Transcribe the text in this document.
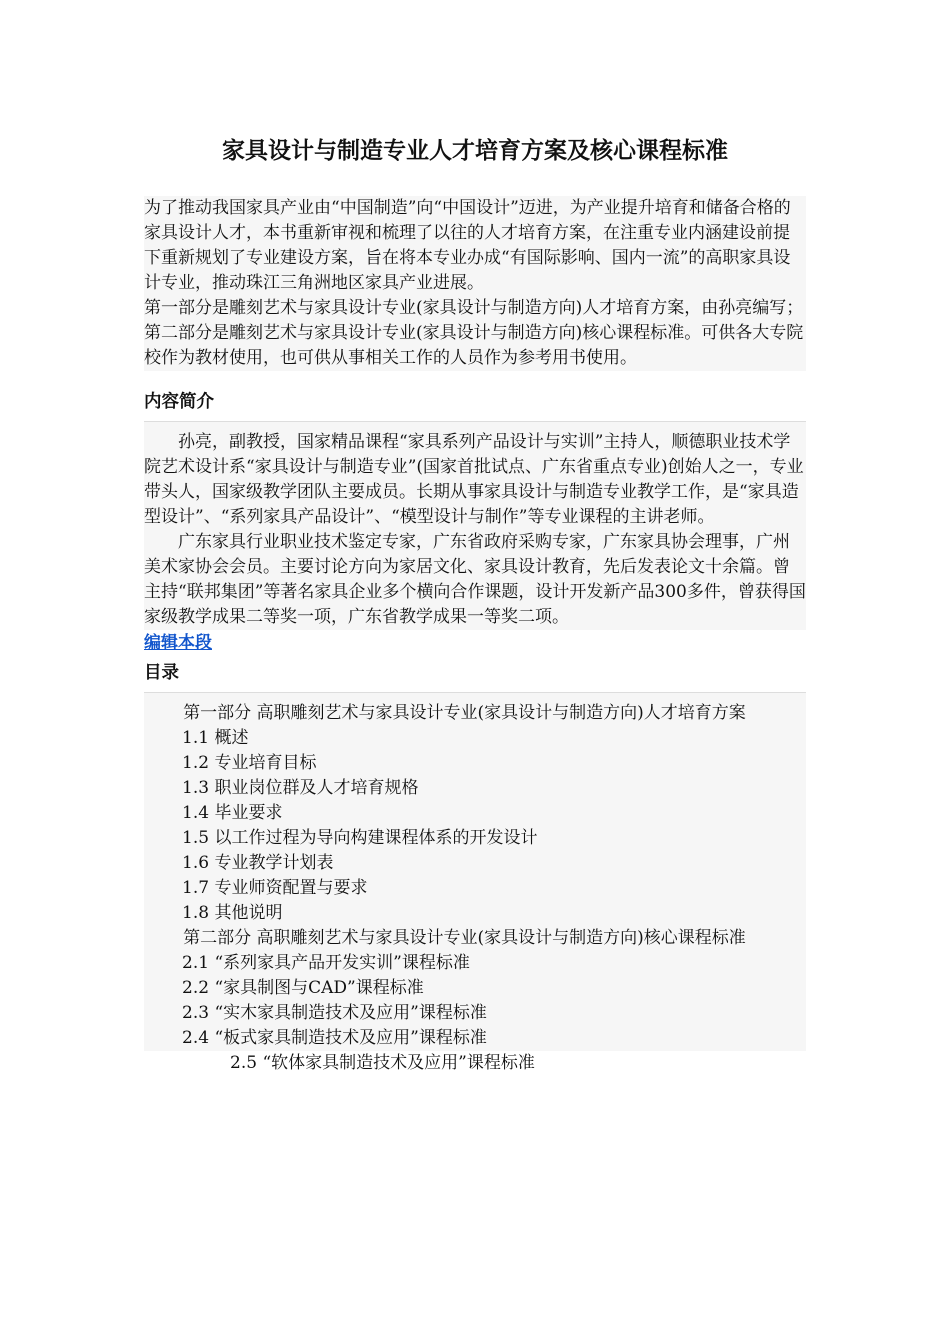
家具设计与制造专业人才培育方案及核心课程标准

为了推动我国家具产业由“中国制造”向“中国设计”迈进，为产业提升培育和储备合格的家具设计人才，本书重新审视和梳理了以往的人才培育方案，在注重专业内涵建设前提下重新规划了专业建设方案，旨在将本专业办成“有国际影响、国内一流”的高职家具设计专业，推动珠江三角洲地区家具产业进展。

第一部分是雕刻艺术与家具设计专业(家具设计与制造方向)人才培育方案，由孙亮编写；第二部分是雕刻艺术与家具设计专业(家具设计与制造方向)核心课程标准。可供各大专院校作为教材使用，也可供从事相关工作的人员作为参考用书使用。

内容简介

孙亮，副教授，国家精品课程“家具系列产品设计与实训”主持人，顺德职业技术学院艺术设计系“家具设计与制造专业”(国家首批试点、广东省重点专业)创始人之一，专业带头人，国家级教学团队主要成员。长期从事家具设计与制造专业教学工作，是“家具造型设计”、“系列家具产品设计”、“模型设计与制作”等专业课程的主讲老师。

广东家具行业职业技术鉴定专家，广东省政府采购专家，广东家具协会理事，广州美术家协会会员。主要讨论方向为家居文化、家具设计教育，先后发表论文十余篇。曾主持“联邦集团”等著名家具企业多个横向合作课题，设计开发新产品300多件，曾获得国家级教学成果二等奖一项，广东省教学成果一等奖二项。

编辑本段
目录
第一部分 高职雕刻艺术与家具设计专业(家具设计与制造方向)人才培育方案
1.1 概述
1.2 专业培育目标
1.3 职业岗位群及人才培育规格
1.4 毕业要求
1.5 以工作过程为导向构建课程体系的开发设计
1.6 专业教学计划表
1.7 专业师资配置与要求
1.8 其他说明
第二部分 高职雕刻艺术与家具设计专业(家具设计与制造方向)核心课程标准
2.1 “系列家具产品开发实训”课程标准
2.2 “家具制图与CAD”课程标准
2.3 “实木家具制造技术及应用”课程标准
2.4 “板式家具制造技术及应用”课程标准
2.5 “软体家具制造技术及应用”课程标准
